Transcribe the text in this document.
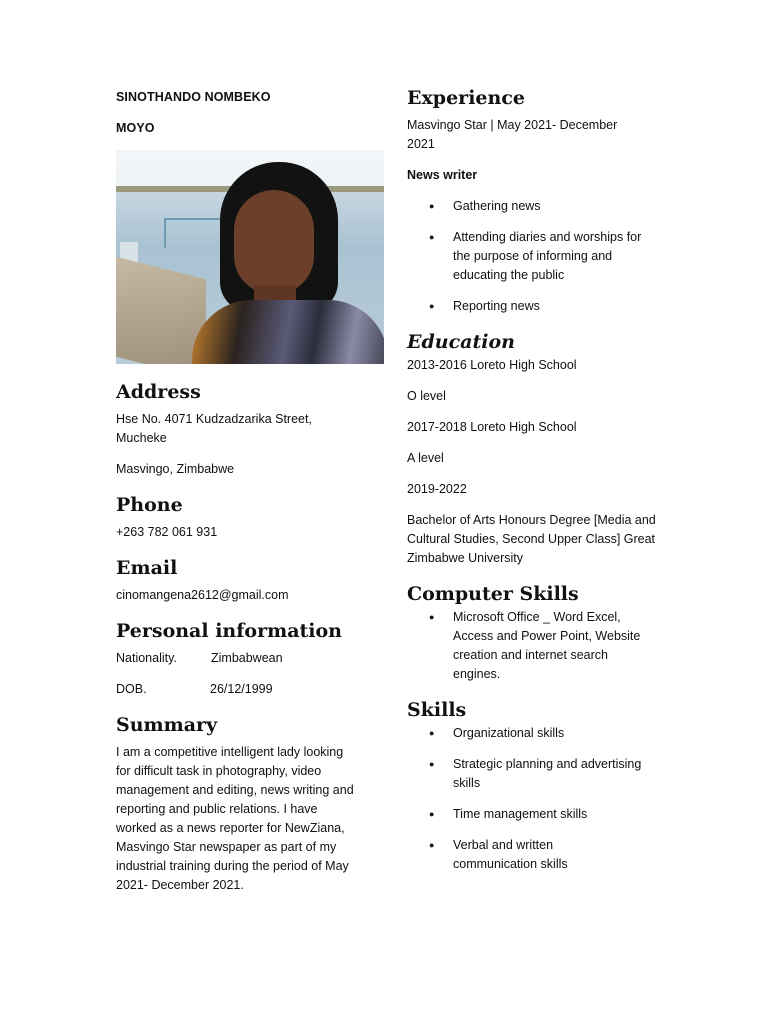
SINOTHANDO NOMBEKO

MOYO

Address

Hse No. 4071 Kudzadzarika Street, Mucheke

Masvingo, Zimbabwe

Phone

+263 782 061 931

Email

cinomangena2612@gmail.com

Personal information

Nationality.	Zimbabwean

DOB.	26/12/1999

Summary

I am a competitive intelligent lady looking for difficult task in photography, video management and editing, news writing and reporting and public relations. I have worked as a news reporter for NewZiana, Masvingo Star newspaper as part of my industrial training during the period of May 2021- December 2021.

Experience

Masvingo Star | May 2021- December 2021

News writer

● Gathering news
● Attending diaries and worships for the purpose of informing and educating the public
● Reporting news
Education

2013-2016 Loreto High School

O level

2017-2018 Loreto High School

A level

2019-2022

Bachelor of Arts Honours Degree [Media and Cultural Studies, Second Upper Class] Great Zimbabwe University

Computer Skills
● Microsoft Office _ Word Excel, Access and Power Point, Website creation and internet search engines.
Skills
● Organizational skills
● Strategic planning and advertising skills
● Time management skills
● Verbal and written communication skills
